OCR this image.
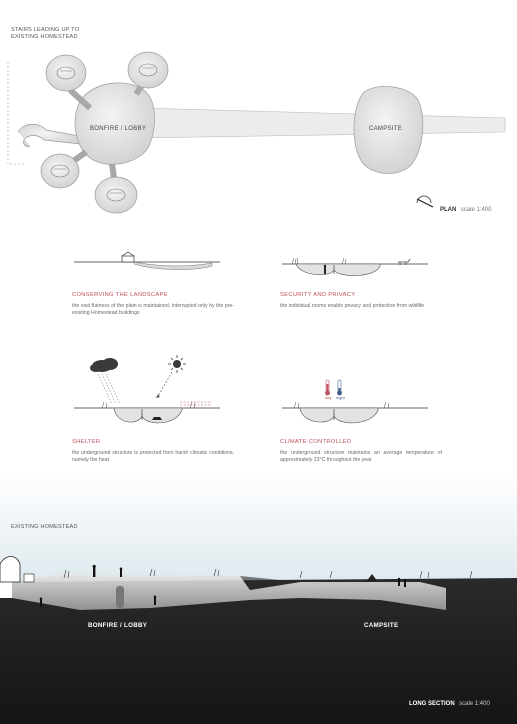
STAIRS LEADING UP TO
EXISTING HOMESTEAD
BONFIRE / LOBBY	CAMPSITE
PLAN scale 1:400
CONSERVING THE LANDSCAPE
the vast flatness of the plain is maintained, interrupted only by the pre-existing Homestead buildings
SECURITY AND PRIVACY
the individual rooms enable privacy and protection from wildlife
SHELTER
the underground structure is protected from harsh climatic conditions, namely the heat
day night
CLIMATE CONTROLLED
the underground structure maintains an average temperature of approximately 23°C throughout the year
EXISTING HOMESTEAD
BONFIRE / LOBBY	CAMPSITE
LONG SECTION scale 1:400
